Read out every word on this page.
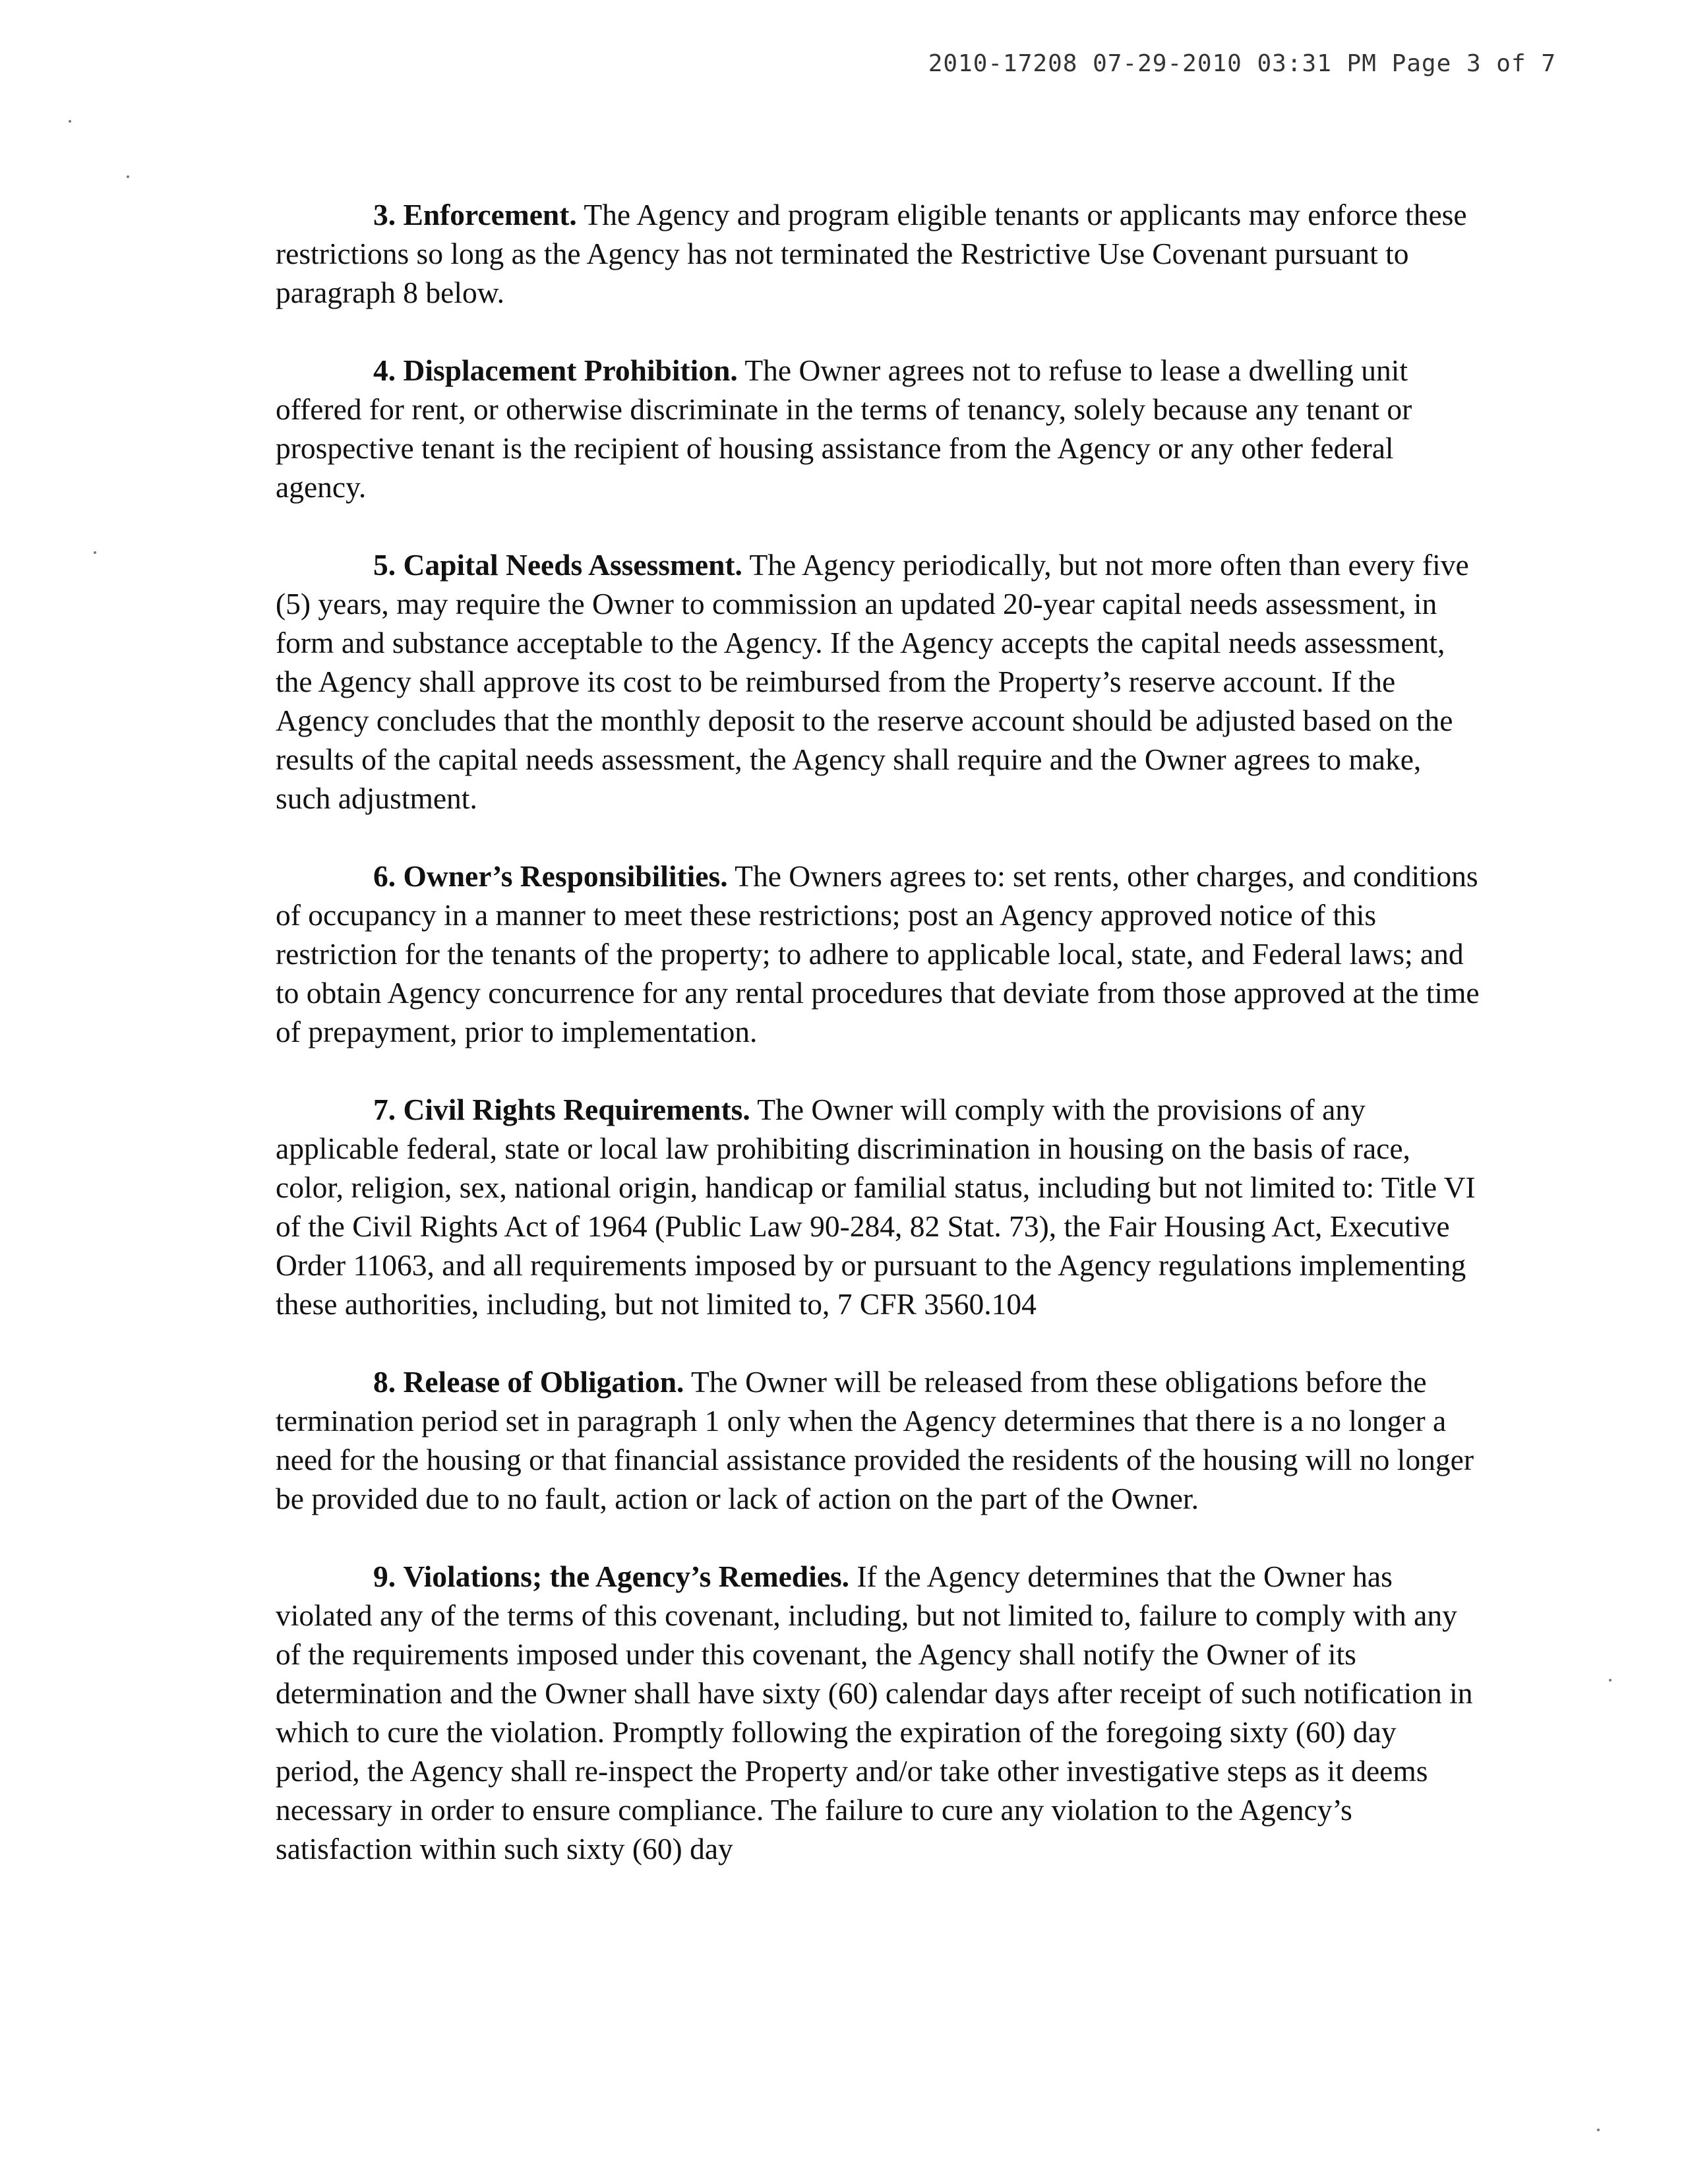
2010-17208 07-29-2010 03:31 PM Page 3 of 7

3. Enforcement. The Agency and program eligible tenants or applicants may enforce these restrictions so long as the Agency has not terminated the Restrictive Use Covenant pursuant to paragraph 8 below.

4. Displacement Prohibition. The Owner agrees not to refuse to lease a dwelling unit offered for rent, or otherwise discriminate in the terms of tenancy, solely because any tenant or prospective tenant is the recipient of housing assistance from the Agency or any other federal agency.

5. Capital Needs Assessment. The Agency periodically, but not more often than every five (5) years, may require the Owner to commission an updated 20-year capital needs assessment, in form and substance acceptable to the Agency. If the Agency accepts the capital needs assessment, the Agency shall approve its cost to be reimbursed from the Property’s reserve account. If the Agency concludes that the monthly deposit to the reserve account should be adjusted based on the results of the capital needs assessment, the Agency shall require and the Owner agrees to make, such adjustment.

6. Owner’s Responsibilities. The Owners agrees to: set rents, other charges, and conditions of occupancy in a manner to meet these restrictions; post an Agency approved notice of this restriction for the tenants of the property; to adhere to applicable local, state, and Federal laws; and to obtain Agency concurrence for any rental procedures that deviate from those approved at the time of prepayment, prior to implementation.

7. Civil Rights Requirements. The Owner will comply with the provisions of any applicable federal, state or local law prohibiting discrimination in housing on the basis of race, color, religion, sex, national origin, handicap or familial status, including but not limited to: Title VI of the Civil Rights Act of 1964 (Public Law 90-284, 82 Stat. 73), the Fair Housing Act, Executive Order 11063, and all requirements imposed by or pursuant to the Agency regulations implementing these authorities, including, but not limited to, 7 CFR 3560.104

8. Release of Obligation. The Owner will be released from these obligations before the termination period set in paragraph 1 only when the Agency determines that there is a no longer a need for the housing or that financial assistance provided the residents of the housing will no longer be provided due to no fault, action or lack of action on the part of the Owner.

9. Violations; the Agency’s Remedies. If the Agency determines that the Owner has violated any of the terms of this covenant, including, but not limited to, failure to comply with any of the requirements imposed under this covenant, the Agency shall notify the Owner of its determination and the Owner shall have sixty (60) calendar days after receipt of such notification in which to cure the violation. Promptly following the expiration of the foregoing sixty (60) day period, the Agency shall re-inspect the Property and/or take other investigative steps as it deems necessary in order to ensure compliance. The failure to cure any violation to the Agency’s satisfaction within such sixty (60) day
